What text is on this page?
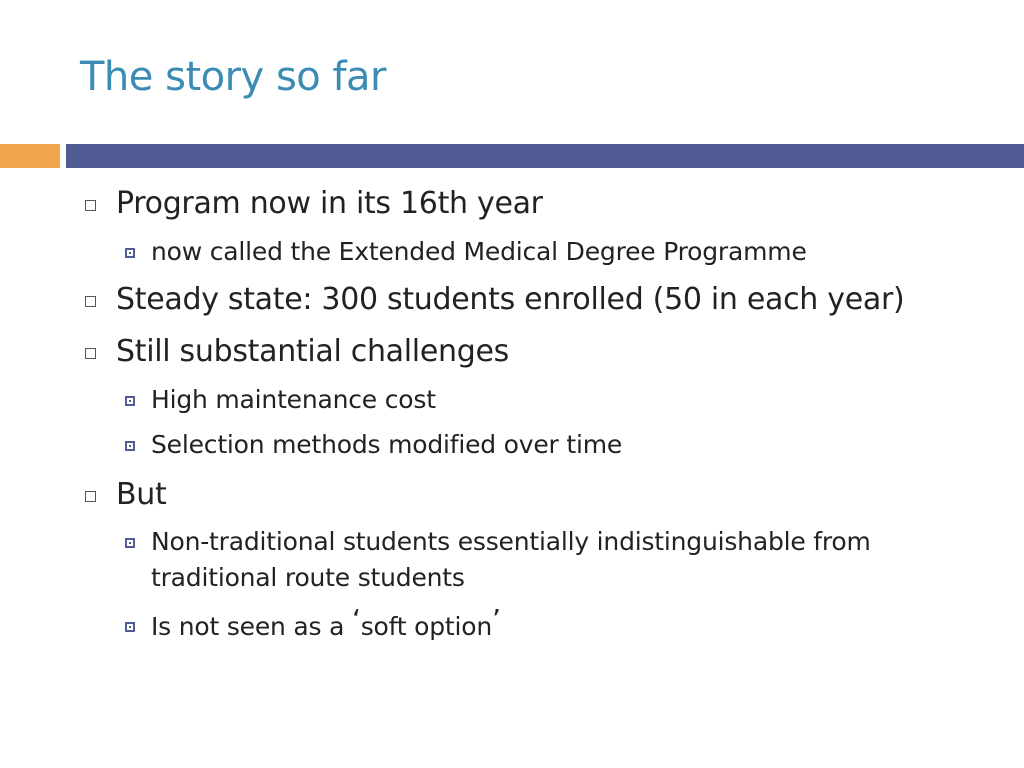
The story so far
Program now in its 16th year
now called the Extended Medical Degree Programme
Steady state: 300 students enrolled (50 in each year)
Still substantial challenges
High maintenance cost
Selection methods modified over time
But
Non-traditional students essentially indistinguishable from traditional route students
Is not seen as a ‘soft option’
